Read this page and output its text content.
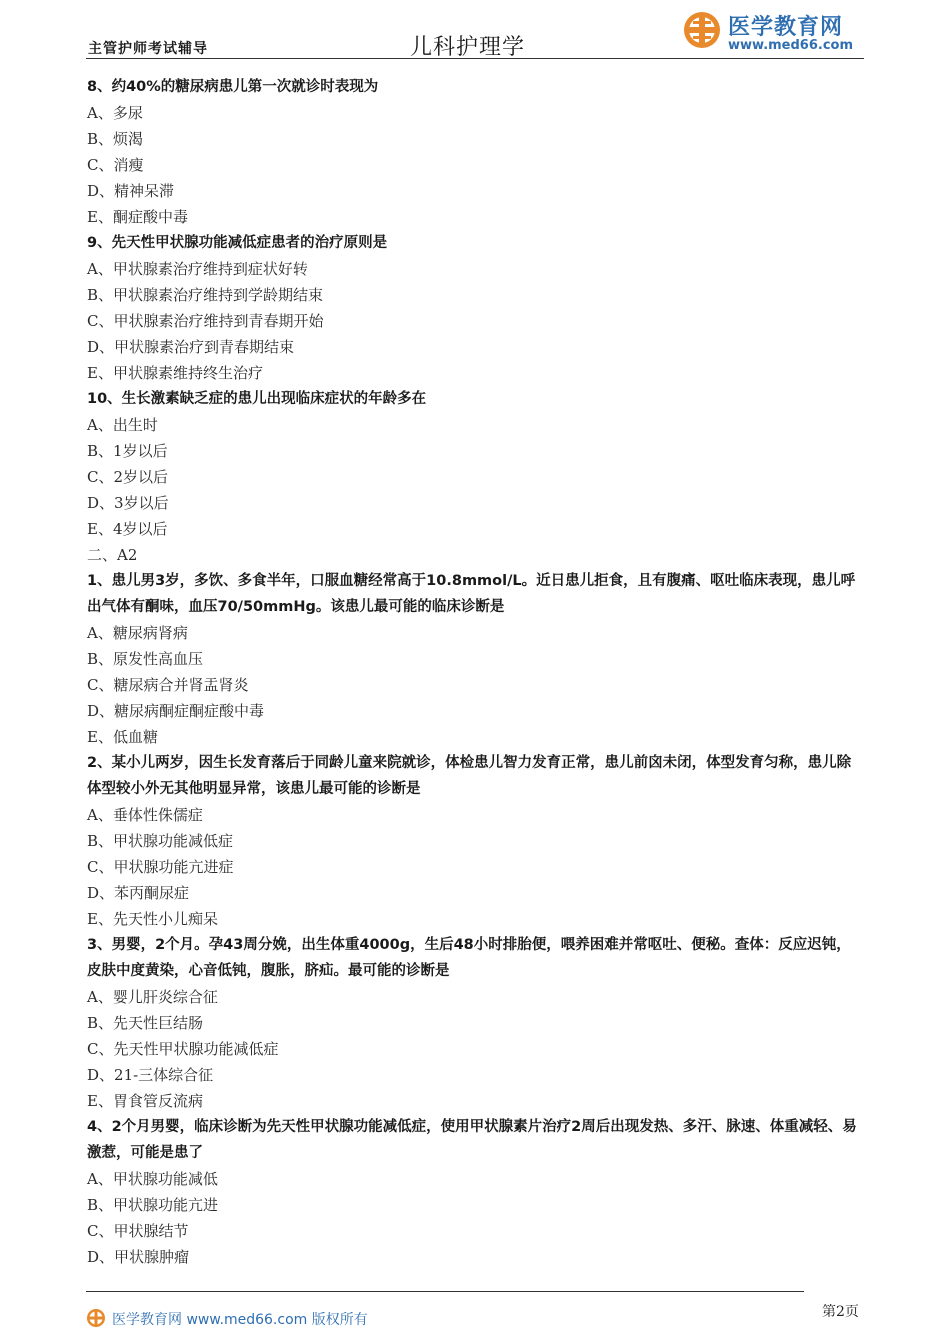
主管护师考试辅导	儿科护理学
医学教育网
www.med66.com
8、约40%的糖尿病患儿第一次就诊时表现为
A、多尿
B、烦渴
C、消瘦
D、精神呆滞
E、酮症酸中毒
9、先天性甲状腺功能减低症患者的治疗原则是
A、甲状腺素治疗维持到症状好转
B、甲状腺素治疗维持到学龄期结束
C、甲状腺素治疗维持到青春期开始
D、甲状腺素治疗到青春期结束
E、甲状腺素维持终生治疗
10、生长激素缺乏症的患儿出现临床症状的年龄多在
A、出生时
B、1岁以后
C、2岁以后
D、3岁以后
E、4岁以后
二、A2
1、患儿男3岁，多饮、多食半年，口服血糖经常高于10.8mmol/L。近日患儿拒食，且有腹痛、呕吐临床表现，患儿呼出气体有酮味，血压70/50mmHg。该患儿最可能的临床诊断是
A、糖尿病肾病
B、原发性高血压
C、糖尿病合并肾盂肾炎
D、糖尿病酮症酮症酸中毒
E、低血糖
2、某小儿两岁，因生长发育落后于同龄儿童来院就诊，体检患儿智力发育正常，患儿前囟未闭，体型发育匀称，患儿除体型较小外无其他明显异常，该患儿最可能的诊断是
A、垂体性侏儒症
B、甲状腺功能减低症
C、甲状腺功能亢进症
D、苯丙酮尿症
E、先天性小儿痴呆
3、男婴，2个月。孕43周分娩，出生体重4000g，生后48小时排胎便，喂养困难并常呕吐、便秘。查体：反应迟钝，皮肤中度黄染，心音低钝，腹胀，脐疝。最可能的诊断是
A、婴儿肝炎综合征
B、先天性巨结肠
C、先天性甲状腺功能减低症
D、21-三体综合征
E、胃食管反流病
4、2个月男婴，临床诊断为先天性甲状腺功能减低症，使用甲状腺素片治疗2周后出现发热、多汗、脉速、体重减轻、易激惹，可能是患了
A、甲状腺功能减低
B、甲状腺功能亢进
C、甲状腺结节
D、甲状腺肿瘤
医学教育网 www.med66.com 版权所有	第2页
